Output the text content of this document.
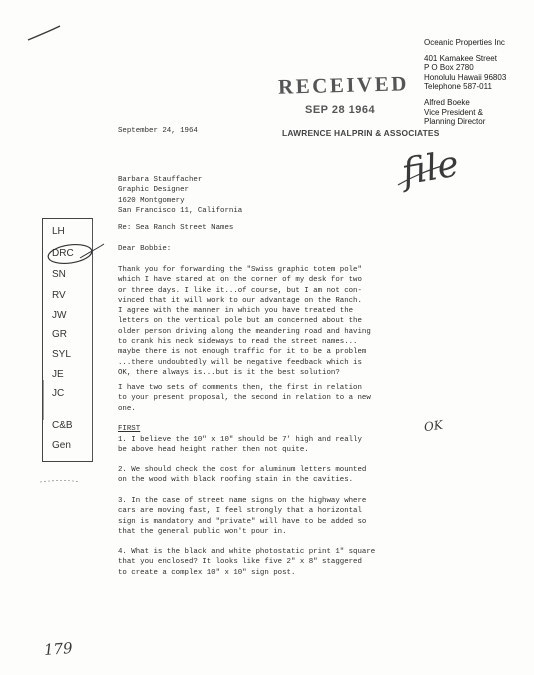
Oceanic Properties Inc
401 Kamakee Street
P O Box 2780
Honolulu Hawaii 96803
Telephone 587-011
Alfred Boeke
Vice President &
Planning Director
RECEIVED
SEP 28 1964
LAWRENCE HALPRIN & ASSOCIATES
file
September 24, 1964
Barbara Stauffacher
Graphic Designer
1620 Montgomery
San Francisco 11, California
Re: Sea Ranch Street Names
Dear Bobbie:
Thank you for forwarding the "Swiss graphic totem pole"
which I have stared at on the corner of my desk for two
or three days. I like it...of course, but I am not con-
vinced that it will work to our advantage on the Ranch.
I agree with the manner in which you have treated the
letters on the vertical pole but am concerned about the
older person driving along the meandering road and having
to crank his neck sideways to read the street names...
maybe there is not enough traffic for it to be a problem
...there undoubtedly will be negative feedback which is
OK, there always is...but is it the best solution?
I have two sets of comments then, the first in relation
to your present proposal, the second in relation to a new
one.
FIRST
1. I believe the 10" x 10" should be 7' high and really
be above head height rather then not quite.
OK
2. We should check the cost for aluminum letters mounted
on the wood with black roofing stain in the cavities.
3. In the case of street name signs on the highway where
cars are moving fast, I feel strongly that a horizontal
sign is mandatory and "private" will have to be added so
that the general public won't pour in.
4. What is the black and white photostatic print 1" square
that you enclosed? It looks like five 2" x 8" staggered
to create a complex 10" x 10" sign post.
LH
DRC
SN
RV
JW
GR
SYL
JE
JC
C&B
Gen
179
